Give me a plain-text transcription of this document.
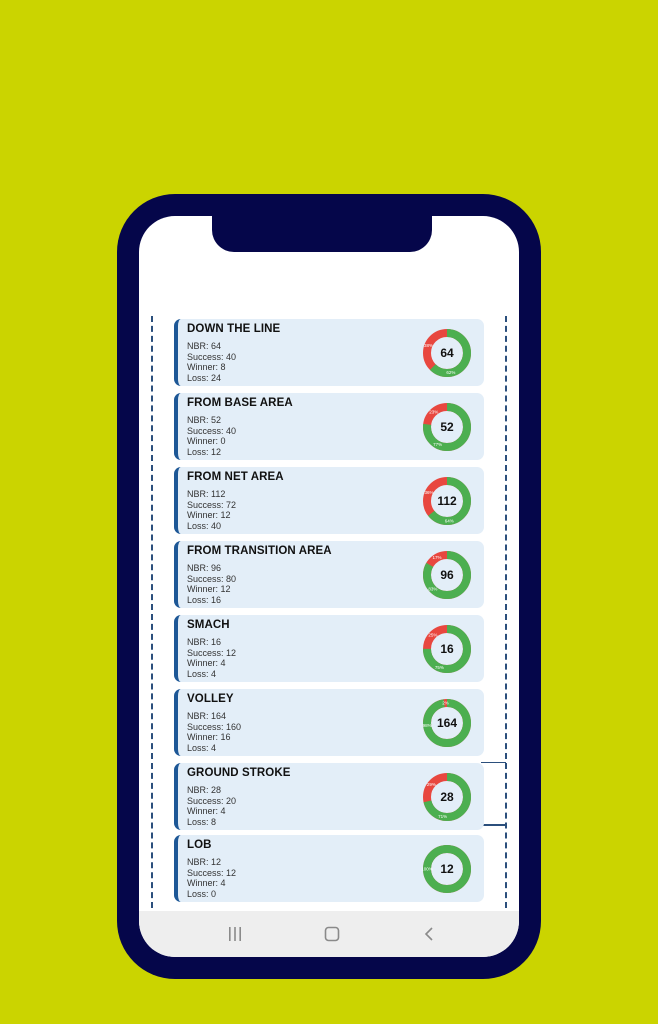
DOWN THE LINE
NBR: 64
Success: 40
Winner: 8
Loss: 24	62%
38%
64
FROM BASE AREA
NBR: 52
Success: 40
Winner: 0
Loss: 12
77%
23%
52
FROM NET AREA
NBR: 112
Success: 72
Winner: 12
Loss: 40	64%
36%
112
FROM TRANSITION AREA
NBR: 96
Success: 80
Winner: 12
Loss: 16
83%
17%
96
SMACH
NBR: 16
Success: 12
Winner: 4
Loss: 4
75%
25%
16
VOLLEY
NBR: 164
Success: 160
Winner: 16
Loss: 4
98%
2%
164
GROUND STROKE
NBR: 28
Success: 20
Winner: 4
Loss: 8	71%
29%
28
LOB
NBR: 12
Success: 12
Winner: 4
Loss: 0
100% 12
